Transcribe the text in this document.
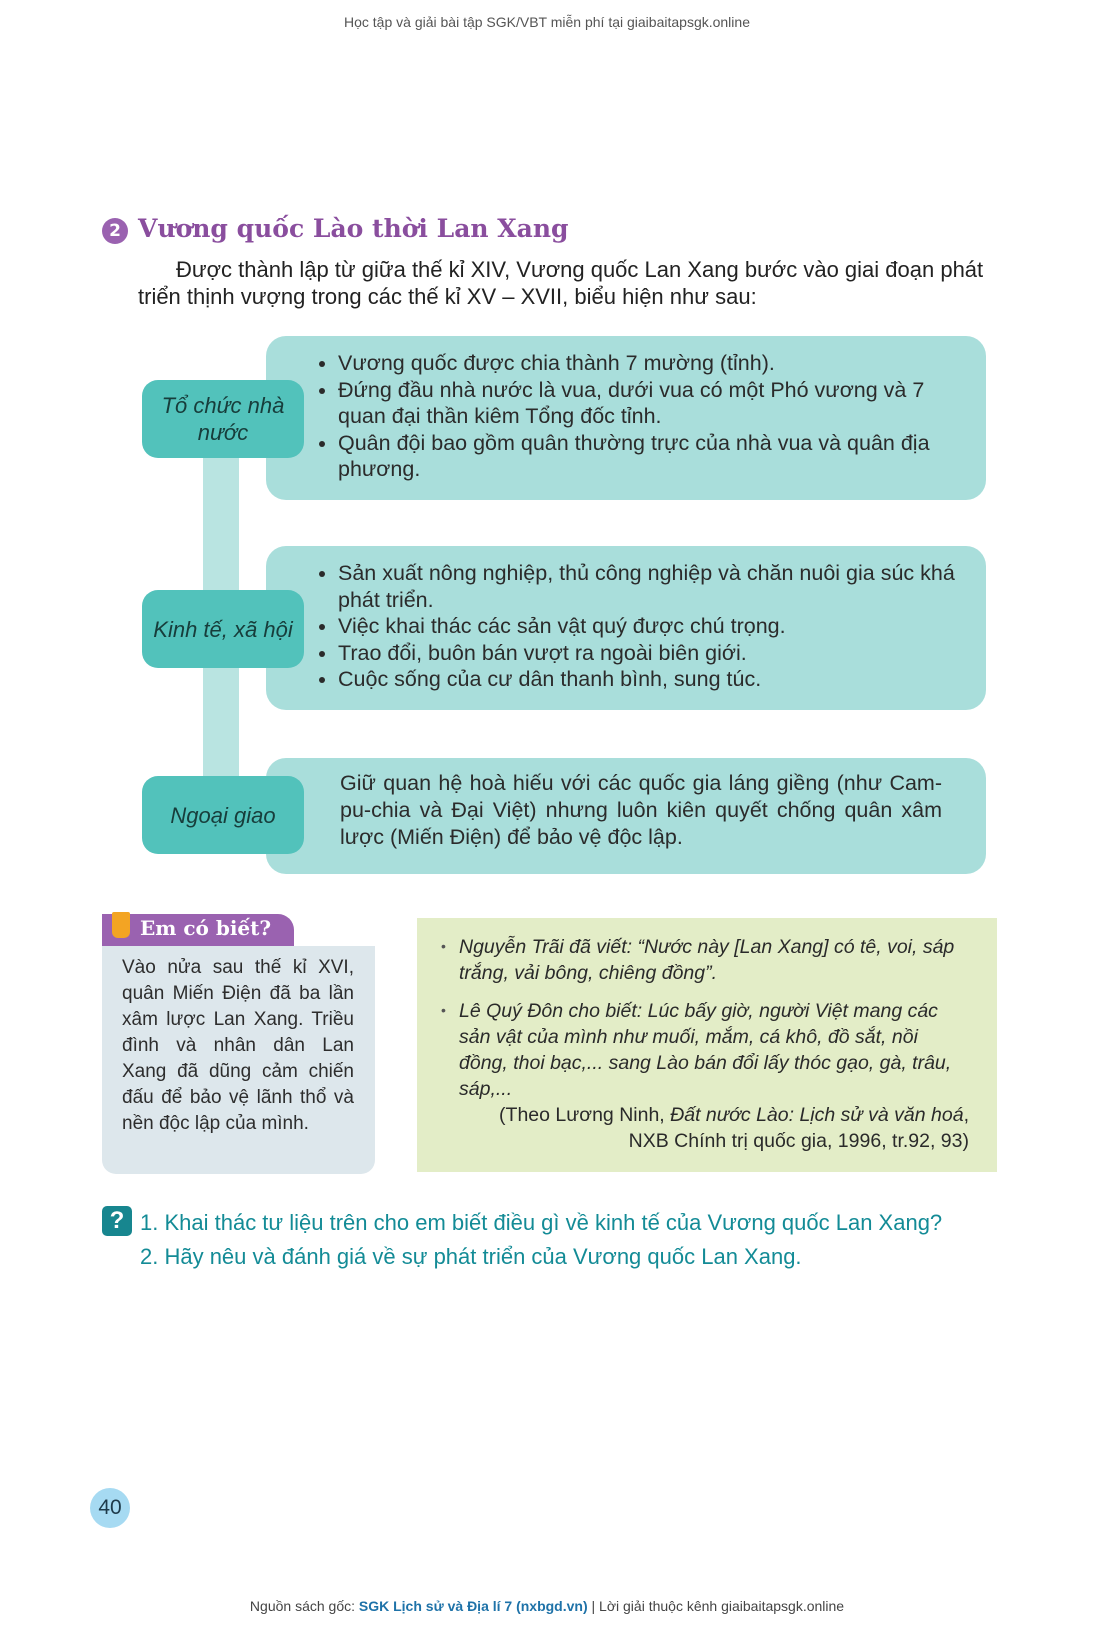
Học tập và giải bài tập SGK/VBT miễn phí tại giaibaitapsgk.online
2 Vương quốc Lào thời Lan Xang
Được thành lập từ giữa thế kỉ XIV, Vương quốc Lan Xang bước vào giai đoạn phát triển thịnh vượng trong các thế kỉ XV – XVII, biểu hiện như sau:
• Vương quốc được chia thành 7 mường (tỉnh).
• Đứng đầu nhà nước là vua, dưới vua có một Phó vương và 7 quan đại thần kiêm Tổng đốc tỉnh.
• Quân đội bao gồm quân thường trực của nhà vua và quân địa phương.
Tổ chức nhà nước
• Sản xuất nông nghiệp, thủ công nghiệp và chăn nuôi gia súc khá phát triển.
• Việc khai thác các sản vật quý được chú trọng.
• Trao đổi, buôn bán vượt ra ngoài biên giới.
• Cuộc sống của cư dân thanh bình, sung túc.
Kinh tế, xã hội

Giữ quan hệ hoà hiếu với các quốc gia láng giềng (như Cam-pu-chia và Đại Việt) nhưng luôn kiên quyết chống quân xâm lược (Miến Điện) để bảo vệ độc lập.

Ngoại giao
Em có biết?
Vào nửa sau thế kỉ XVI, quân Miến Điện đã ba lần xâm lược Lan Xang. Triều đình và nhân dân Lan Xang đã dũng cảm chiến đấu để bảo vệ lãnh thổ và nền độc lập của mình.
• Nguyễn Trãi đã viết: “Nước này [Lan Xang] có tê, voi, sáp trắng, vải bông, chiêng đồng”.
• Lê Quý Đôn cho biết: Lúc bấy giờ, người Việt mang các sản vật của mình như muối, mắm, cá khô, đồ sắt, nồi đồng, thoi bạc,... sang Lào bán đổi lấy thóc gạo, gà, trâu, sáp,...
(Theo Lương Ninh, Đất nước Lào: Lịch sử và văn hoá, NXB Chính trị quốc gia, 1996, tr.92, 93)
? 1. Khai thác tư liệu trên cho em biết điều gì về kinh tế của Vương quốc Lan Xang?
2. Hãy nêu và đánh giá về sự phát triển của Vương quốc Lan Xang.
40
Nguồn sách gốc: SGK Lịch sử và Địa lí 7 (nxbgd.vn) | Lời giải thuộc kênh giaibaitapsgk.online
